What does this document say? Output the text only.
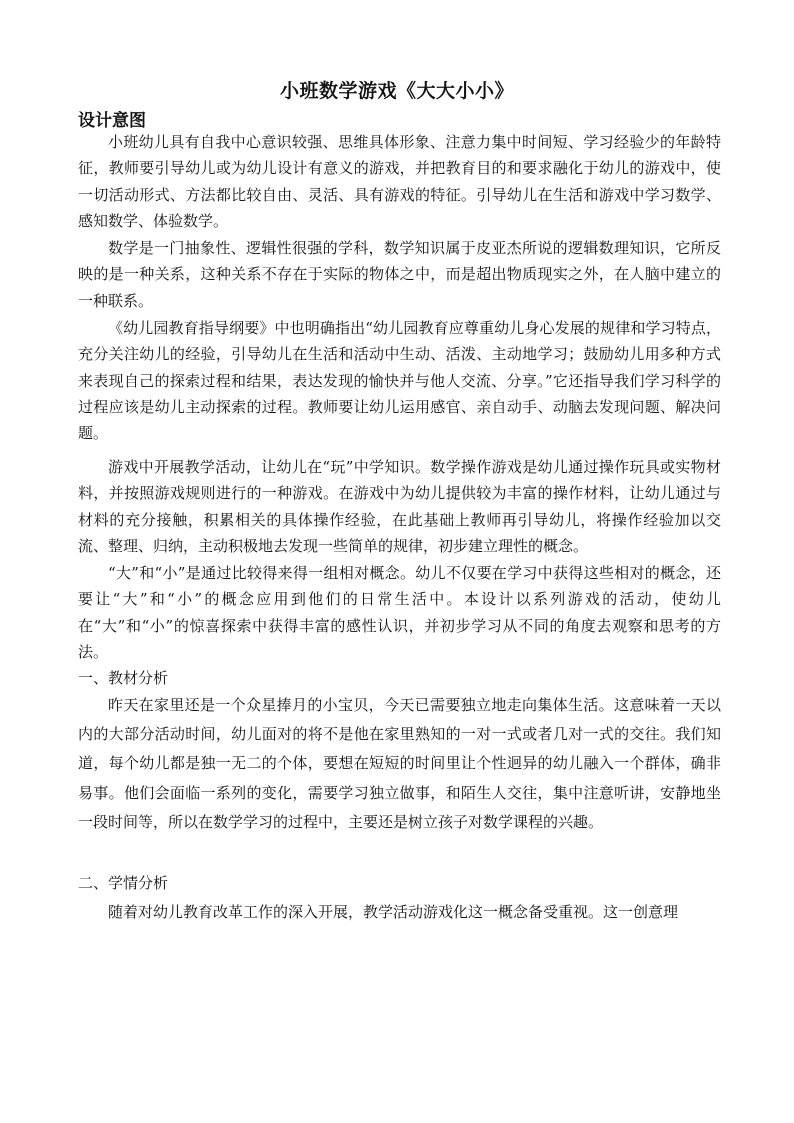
小班数学游戏《大大小小》
设计意图

小班幼儿具有自我中心意识较强、思维具体形象、注意力集中时间短、学习经验少的年龄特征，教师要引导幼儿或为幼儿设计有意义的游戏，并把教育目的和要求融化于幼儿的游戏中，使一切活动形式、方法都比较自由、灵活、具有游戏的特征。引导幼儿在生活和游戏中学习数学、感知数学、体验数学。

数学是一门抽象性、逻辑性很强的学科，数学知识属于皮亚杰所说的逻辑数理知识，它所反映的是一种关系，这种关系不存在于实际的物体之中，而是超出物质现实之外，在人脑中建立的一种联系。

《幼儿园教育指导纲要》中也明确指出“幼儿园教育应尊重幼儿身心发展的规律和学习特点，充分关注幼儿的经验，引导幼儿在生活和活动中生动、活泼、主动地学习；鼓励幼儿用多种方式来表现自己的探索过程和结果，表达发现的愉快并与他人交流、分享。”它还指导我们学习科学的过程应该是幼儿主动探索的过程。教师要让幼儿运用感官、亲自动手、动脑去发现问题、解决问题。

游戏中开展教学活动，让幼儿在“玩”中学知识。数学操作游戏是幼儿通过操作玩具或实物材料，并按照游戏规则进行的一种游戏。在游戏中为幼儿提供较为丰富的操作材料，让幼儿通过与材料的充分接触，积累相关的具体操作经验，在此基础上教师再引导幼儿，将操作经验加以交流、整理、归纳，主动积极地去发现一些简单的规律，初步建立理性的概念。

“大”和“小”是通过比较得来得一组相对概念。幼儿不仅要在学习中获得这些相对的概念，还要让“大”和“小”的概念应用到他们的日常生活中。本设计以系列游戏的活动，使幼儿在“大”和“小”的惊喜探索中获得丰富的感性认识，并初步学习从不同的角度去观察和思考的方法。

一、教材分析

昨天在家里还是一个众星捧月的小宝贝，今天已需要独立地走向集体生活。这意味着一天以内的大部分活动时间，幼儿面对的将不是他在家里熟知的一对一式或者几对一式的交往。我们知道，每个幼儿都是独一无二的个体，要想在短短的时间里让个性迥异的幼儿融入一个群体，确非易事。他们会面临一系列的变化，需要学习独立做事，和陌生人交往，集中注意听讲，安静地坐一段时间等，所以在数学学习的过程中，主要还是树立孩子对数学课程的兴趣。

二、学情分析

随着对幼儿教育改革工作的深入开展，教学活动游戏化这一概念备受重视。这一创意理
